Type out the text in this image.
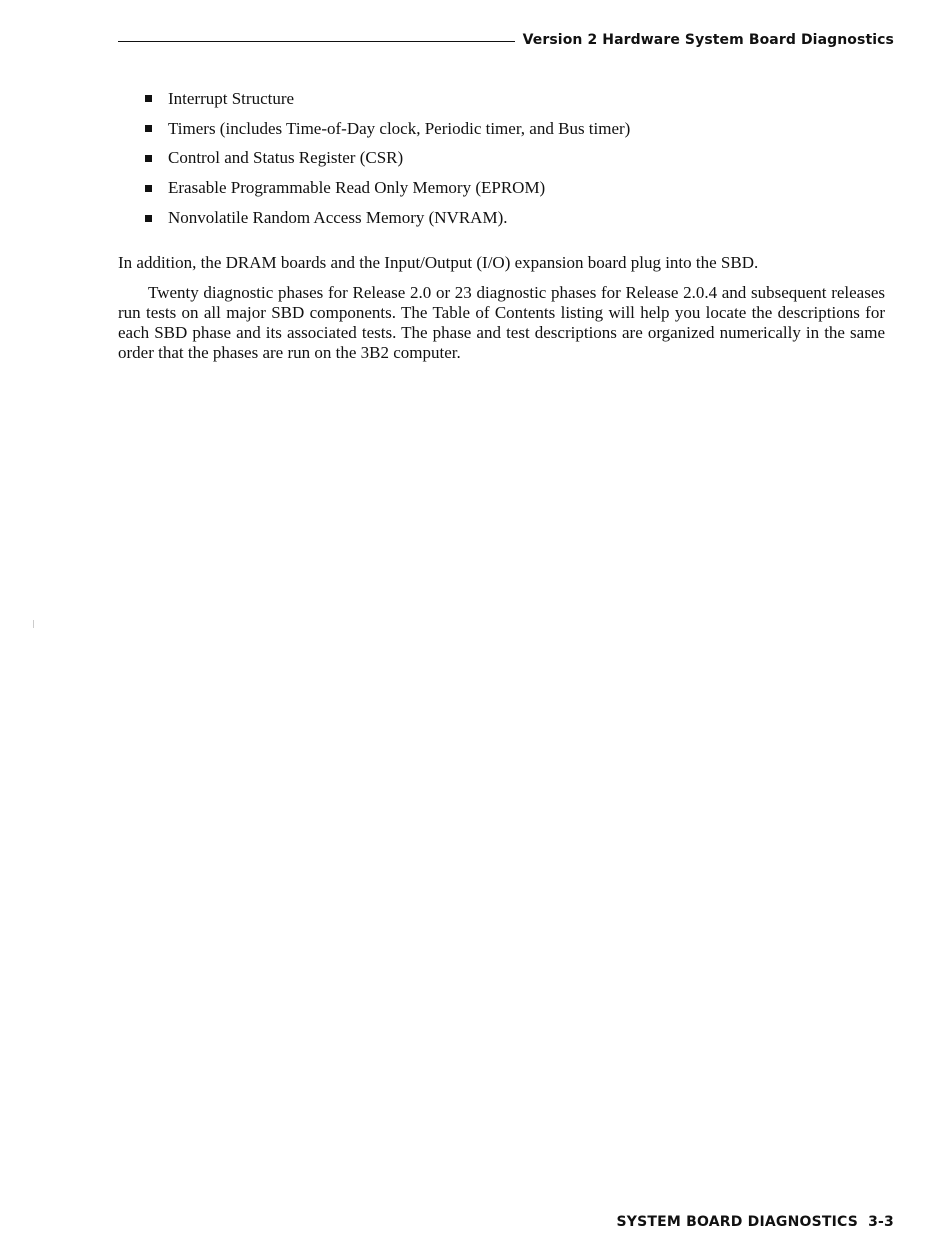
Version 2 Hardware System Board Diagnostics
Interrupt Structure
Timers (includes Time-of-Day clock, Periodic timer, and Bus timer)
Control and Status Register (CSR)
Erasable Programmable Read Only Memory (EPROM)
Nonvolatile Random Access Memory (NVRAM).

In addition, the DRAM boards and the Input/Output (I/O) expansion board plug into the SBD.

Twenty diagnostic phases for Release 2.0 or 23 diagnostic phases for Release 2.0.4 and subsequent releases run tests on all major SBD components. The Table of Contents listing will help you locate the descriptions for each SBD phase and its associated tests. The phase and test descriptions are organized numerically in the same order that the phases are run on the 3B2 computer.

SYSTEM BOARD DIAGNOSTICS 3-3
